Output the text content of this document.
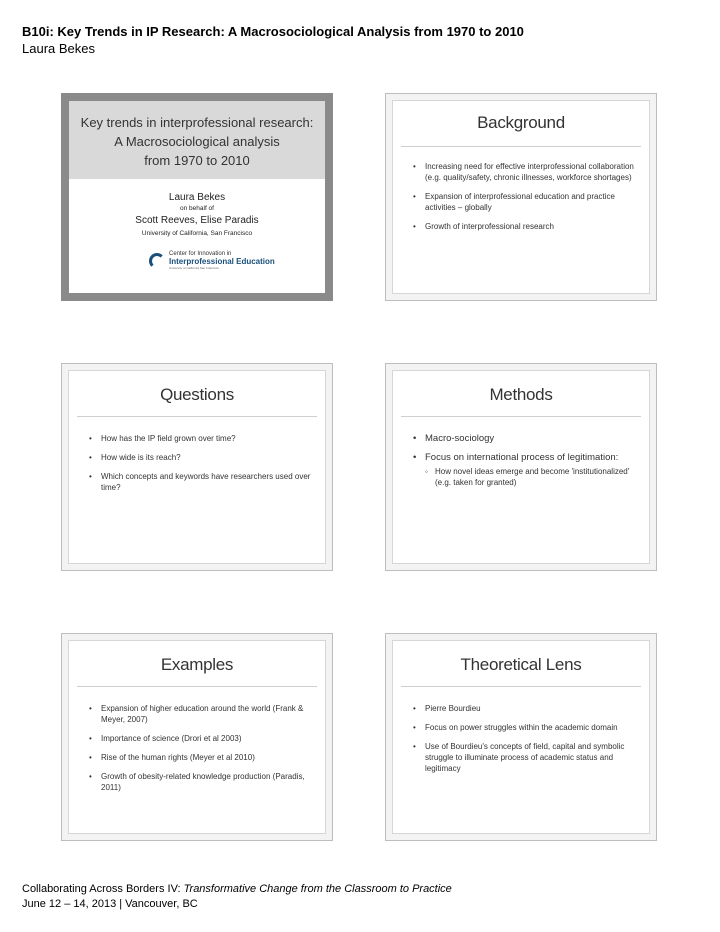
B10i: Key Trends in IP Research: A Macrosociological Analysis from 1970 to 2010
Laura Bekes
Key trends in interprofessional research:
A Macrosociological analysis
from 1970 to 2010
Laura Bekes
on behalf of
Scott Reeves, Elise Paradis
University of California, San Francisco
Center for Innovation in
Interprofessional Education
University of California San Francisco
Background
• Increasing need for effective interprofessional collaboration (e.g. quality/safety, chronic illnesses, workforce shortages)
• Expansion of interprofessional education and practice activities – globally
• Growth of interprofessional research
Questions
• How has the IP field grown over time?
• How wide is its reach?
• Which concepts and keywords have researchers used over time?
Methods
• Macro-sociology
• Focus on international process of legitimation:
◦ How novel ideas emerge and become 'institutionalized' (e.g. taken for granted)
Examples
• Expansion of higher education around the world (Frank & Meyer, 2007)
• Importance of science (Drori et al 2003)
• Rise of the human rights (Meyer et al 2010)
• Growth of obesity-related knowledge production (Paradis, 2011)
Theoretical Lens
• Pierre Bourdieu
• Focus on power struggles within the academic domain
• Use of Bourdieu's concepts of field, capital and symbolic struggle to illuminate process of academic status and legitimacy
Collaborating Across Borders IV: Transformative Change from the Classroom to Practice
June 12 – 14, 2013 | Vancouver, BC
